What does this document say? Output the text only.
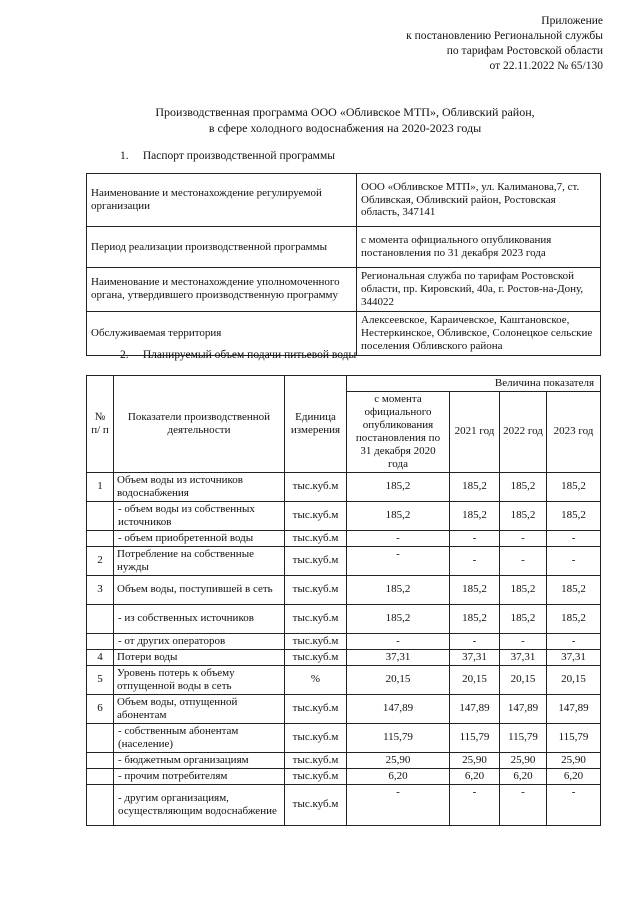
Приложение
к постановлению Региональной службы
по тарифам Ростовской области
от 22.11.2022 № 65/130
Производственная программа ООО «Обливское МТП», Обливский район,
в сфере холодного водоснабжения на 2020-2023 годы
1. Паспорт производственной программы
Наименование и местонахождение регулируемой организации	ООО «Обливское МТП», ул. Калиманова,7, ст. Обливская, Обливский район, Ростовская область, 347141
Период реализации производственной программы	с момента официального опубликования постановления по 31 декабря 2023 года
Наименование и местонахождение уполномоченного органа, утвердившего производственную программу	Региональная служба по тарифам Ростовской области, пр. Кировский, 40а, г. Ростов-на-Дону, 344022
Обслуживаемая территория	Алексеевское, Караичевское, Каштановское, Нестеркинское, Обливское, Солонецкое сельские поселения Обливского района
2. Планируемый объем подачи питьевой воды
№ п/ п	Показатели производственной деятельности	Единица измерения	Величина показателя			
			с момента официального опубликования постановления по 31 декабря 2020 года	2021 год	2022 год	2023 год
1	Объем воды из источников водоснабжения	тыс.куб.м	185,2	185,2	185,2	185,2
	- объем воды из собственных источников	тыс.куб.м	185,2	185,2	185,2	185,2
	- объем приобретенной воды	тыс.куб.м	-	-	-	-
2	Потребление на собственные нужды	тыс.куб.м	-	-	-	-
3	Объем воды, поступившей в сеть	тыс.куб.м	185,2	185,2	185,2	185,2
	- из собственных источников	тыс.куб.м	185,2	185,2	185,2	185,2
	- от других операторов	тыс.куб.м	-	-	-	-
4	Потери воды	тыс.куб.м	37,31	37,31	37,31	37,31
5	Уровень потерь к объему отпущенной воды в сеть	%	20,15	20,15	20,15	20,15
6	Объем воды, отпущенной абонентам	тыс.куб.м	147,89	147,89	147,89	147,89
	- собственным абонентам (население)	тыс.куб.м	115,79	115,79	115,79	115,79
	- бюджетным организациям	тыс.куб.м	25,90	25,90	25,90	25,90
	- прочим потребителям	тыс.куб.м	6,20	6,20	6,20	6,20
	- другим организациям, осуществляющим водоснабжение	тыс.куб.м	-	-	-	-
